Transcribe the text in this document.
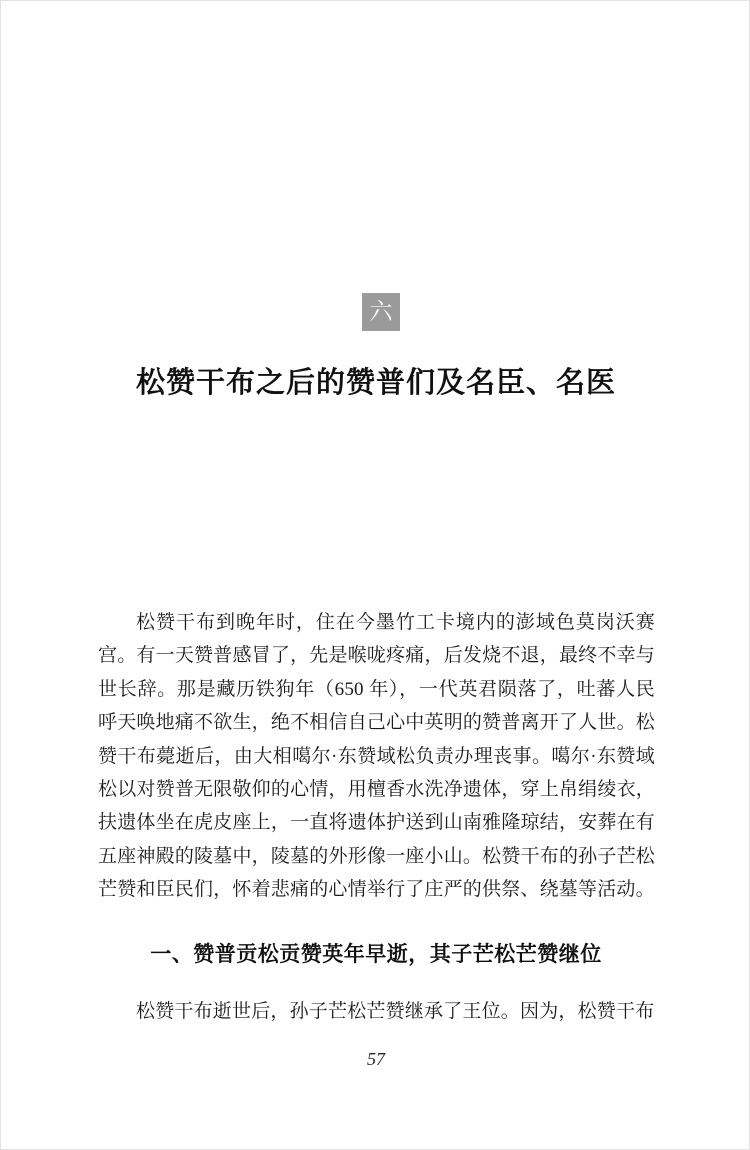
六
松赞干布之后的赞普们及名臣、名医

松赞干布到晚年时，住在今墨竹工卡境内的澎域色莫岗沃赛宫。有一天赞普感冒了，先是喉咙疼痛，后发烧不退，最终不幸与世长辞。那是藏历铁狗年（650 年），一代英君陨落了，吐蕃人民呼天唤地痛不欲生，绝不相信自己心中英明的赞普离开了人世。松赞干布薨逝后，由大相噶尔·东赞域松负责办理丧事。噶尔·东赞域松以对赞普无限敬仰的心情，用檀香水洗净遗体，穿上帛绢绫衣，扶遗体坐在虎皮座上，一直将遗体护送到山南雅隆琼结，安葬在有五座神殿的陵墓中，陵墓的外形像一座小山。松赞干布的孙子芒松芒赞和臣民们，怀着悲痛的心情举行了庄严的供祭、绕墓等活动。

一、赞普贡松贡赞英年早逝，其子芒松芒赞继位

松赞干布逝世后，孙子芒松芒赞继承了王位。因为，松赞干布

57
